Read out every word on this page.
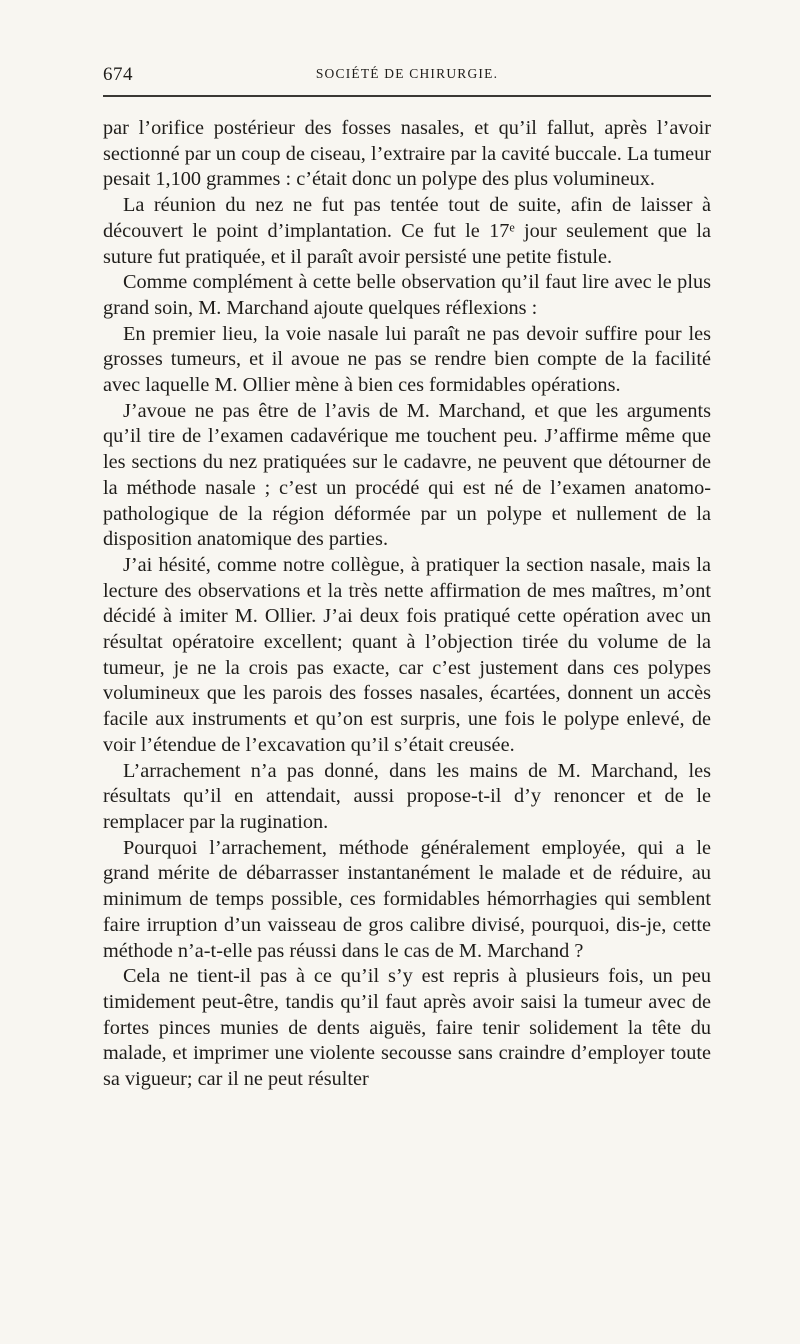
674	SOCIÉTÉ DE CHIRURGIE.

par l’orifice postérieur des fosses nasales, et qu’il fallut, après l’avoir sectionné par un coup de ciseau, l’extraire par la cavité buccale. La tumeur pesait 1,100 grammes : c’était donc un polype des plus volumineux.

La réunion du nez ne fut pas tentée tout de suite, afin de laisser à découvert le point d’implantation. Ce fut le 17ᵉ jour seulement que la suture fut pratiquée, et il paraît avoir persisté une petite fistule.

Comme complément à cette belle observation qu’il faut lire avec le plus grand soin, M. Marchand ajoute quelques réflexions :

En premier lieu, la voie nasale lui paraît ne pas devoir suffire pour les grosses tumeurs, et il avoue ne pas se rendre bien compte de la facilité avec laquelle M. Ollier mène à bien ces formidables opérations.

J’avoue ne pas être de l’avis de M. Marchand, et que les arguments qu’il tire de l’examen cadavérique me touchent peu. J’affirme même que les sections du nez pratiquées sur le cadavre, ne peuvent que détourner de la méthode nasale ; c’est un procédé qui est né de l’examen anatomo-pathologique de la région déformée par un polype et nullement de la disposition anatomique des parties.

J’ai hésité, comme notre collègue, à pratiquer la section nasale, mais la lecture des observations et la très nette affirmation de mes maîtres, m’ont décidé à imiter M. Ollier. J’ai deux fois pratiqué cette opération avec un résultat opératoire excellent; quant à l’objection tirée du volume de la tumeur, je ne la crois pas exacte, car c’est justement dans ces polypes volumineux que les parois des fosses nasales, écartées, donnent un accès facile aux instruments et qu’on est surpris, une fois le polype enlevé, de voir l’étendue de l’excavation qu’il s’était creusée.

L’arrachement n’a pas donné, dans les mains de M. Marchand, les résultats qu’il en attendait, aussi propose-t-il d’y renoncer et de le remplacer par la rugination.

Pourquoi l’arrachement, méthode généralement employée, qui a le grand mérite de débarrasser instantanément le malade et de réduire, au minimum de temps possible, ces formidables hémorrhagies qui semblent faire irruption d’un vaisseau de gros calibre divisé, pourquoi, dis-je, cette méthode n’a-t-elle pas réussi dans le cas de M. Marchand ?

Cela ne tient-il pas à ce qu’il s’y est repris à plusieurs fois, un peu timidement peut-être, tandis qu’il faut après avoir saisi la tumeur avec de fortes pinces munies de dents aiguës, faire tenir solidement la tête du malade, et imprimer une violente secousse sans craindre d’employer toute sa vigueur; car il ne peut résulter
